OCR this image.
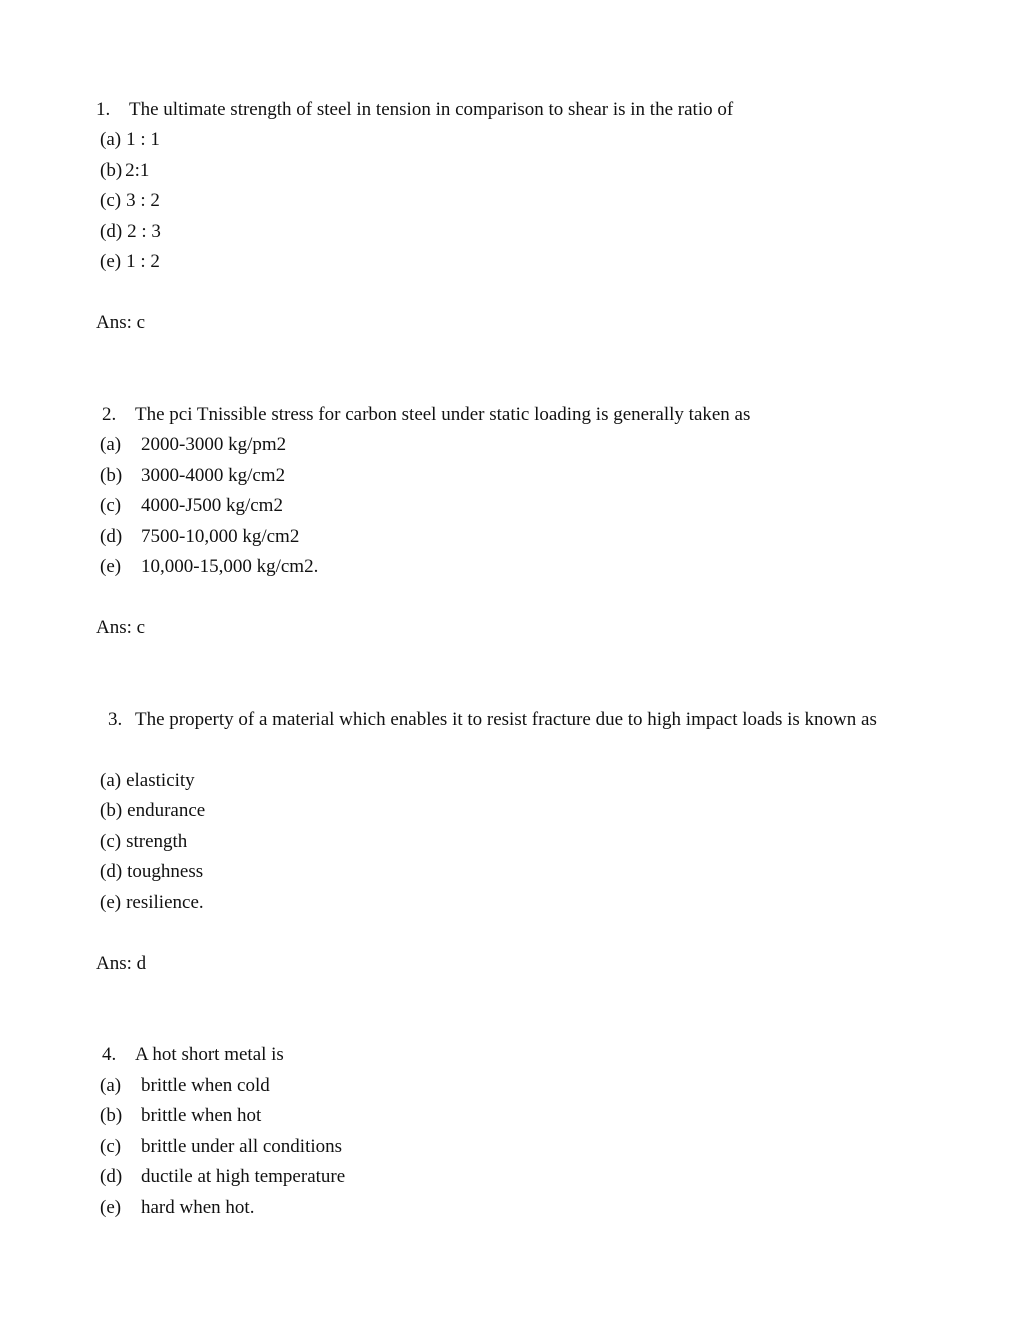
1. The ultimate strength of steel in tension in comparison to shear is in the ratio of
(a) 1 : 1
(b) 2:1
(c) 3 : 2
(d) 2 : 3
(e) 1 : 2
Ans: c
2. The pci Tnissible stress for carbon steel under static loading is generally taken as
(a) 2000-3000 kg/pm2
(b) 3000-4000 kg/cm2
(c) 4000-J500 kg/cm2
(d) 7500-10,000 kg/cm2
(e) 10,000-15,000 kg/cm2.
Ans: c
3. The property of a material which enables it to resist fracture due to high impact loads is known as
(a) elasticity
(b) endurance
(c) strength
(d) toughness
(e) resilience.
Ans: d
4. A hot short metal is
(a) brittle when cold
(b) brittle when hot
(c) brittle under all conditions
(d) ductile at high temperature
(e) hard when hot.
